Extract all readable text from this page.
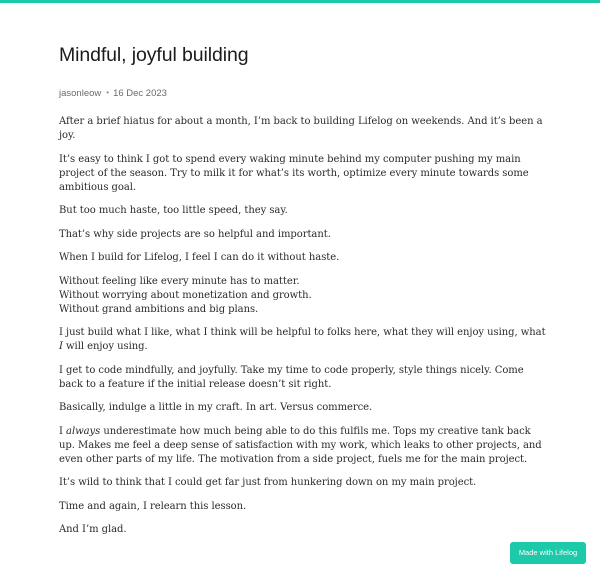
Mindful, joyful building
jasonleow • 16 Dec 2023

After a brief hiatus for about a month, I’m back to building Lifelog on weekends. And it’s been a joy.

It’s easy to think I got to spend every waking minute behind my computer pushing my main project of the season. Try to milk it for what’s its worth, optimize every minute towards some ambitious goal.

But too much haste, too little speed, they say.

That’s why side projects are so helpful and important.

When I build for Lifelog, I feel I can do it without haste.

Without feeling like every minute has to matter.
Without worrying about monetization and growth.
Without grand ambitions and big plans.

I just build what I like, what I think will be helpful to folks here, what they will enjoy using, what I will enjoy using.

I get to code mindfully, and joyfully. Take my time to code properly, style things nicely. Come back to a feature if the initial release doesn’t sit right.

Basically, indulge a little in my craft. In art. Versus commerce.

I always underestimate how much being able to do this fulfils me. Tops my creative tank back up. Makes me feel a deep sense of satisfaction with my work, which leaks to other projects, and even other parts of my life. The motivation from a side project, fuels me for the main project.

It’s wild to think that I could get far just from hunkering down on my main project.

Time and again, I relearn this lesson.

And I’m glad.

Made with Lifelog
